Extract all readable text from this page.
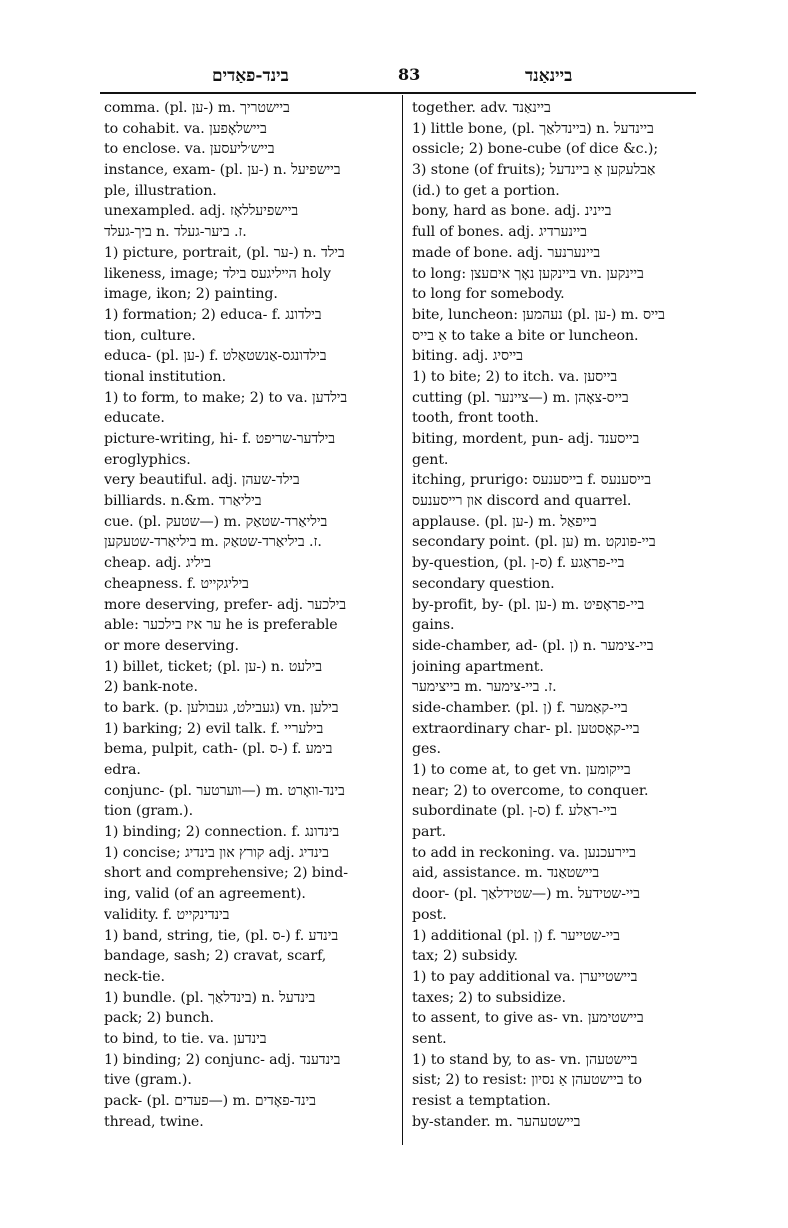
בינד-פאַדים	83	ביינאַנד
comma. (pl. ען-) m. ביישטריך
to cohabit. va. ביישלאָפען
to enclose. va. בייש׳ליעסען
instance, exam- (pl. ען-) n. ביישפיעל
ple, illustration.
unexampled. adj. ביישפיעללאָז
ביך-געלד n. ז. ביער-געלד.
1) picture, portrait, (pl. ער-) n. בילד
likeness, image; הייליגעס בילד holy
image, ikon; 2) painting.
1) formation; 2) educa- f. בילדונג
tion, culture.
educa- (pl. ען-) f. בילדונגס-אַנשטאַלט
tional institution.
1) to form, to make; 2) to va. בילדען
educate.
picture-writing, hi- f. בילדער-שריפט
eroglyphics.
very beautiful. adj. בילד-שעהן
billiards. n.&m. ביליאַרד
cue. (pl. שטעק—) m. ביליאַרד-שטאַק
ביליאַרד-שטעקען m. ז. ביליאַרד-שטאַק.
cheap. adj. ביליג
cheapness. f. ביליגקייט
more deserving, prefer- adj. בילכער
able: ער איז בילכער he is preferable
or more deserving.
1) billet, ticket; (pl. ען-) n. בילעט
2) bank-note.
to bark. (p. געבילט, געבולען) vn. בילען
1) barking; 2) evil talk. f. בילעריי
bema, pulpit, cath- (pl. ס-) f. בימע
edra.
conjunc- (pl. ווערטער—) m. בינד-וואָרט
tion (gram.).
1) binding; 2) connection. f. בינדונג
1) concise; קורץ און בינדיג adj. בינדיג
short and comprehensive; 2) bind-
ing, valid (of an agreement).
validity. f. בינדינקייט
1) band, string, tie, (pl. ס-) f. בינדע
bandage, sash; 2) cravat, scarf,
neck-tie.
1) bundle. (pl. בינדלאַך) n. בינדעל
pack; 2) bunch.
to bind, to tie. va. בינדען
1) binding; 2) conjunc- adj. בינדענד
tive (gram.).
pack- (pl. פעדים—) m. בינד-פאָדים
thread, twine.
together. adv. ביינאַנד
1) little bone, (pl. ביינדלאַך) n. ביינדעל
ossicle; 2) bone-cube (of dice &c.);
3) stone (of fruits); אַבלעקען אַ ביינדעל
(id.) to get a portion.
bony, hard as bone. adj. ביינינ
full of bones. adj. ביינערדיג
made of bone. adj. ביינערנער
to long: ביינקען נאָך איםעצן vn. ביינקען
to long for somebody.
bite, luncheon: נעהמען (pl. ען-) m. בייס
אַ בייס to take a bite or luncheon.
biting. adj. בייסיג
1) to bite; 2) to itch. va. בייסען
cutting (pl. ציינער—) m. בייס-צאָהן
tooth, front tooth.
biting, mordent, pun- adj. בייסענד
gent.
itching, prurigo: בייסענעס f. בייסענעס
און רייסענעס discord and quarrel.
applause. (pl. ען-) m. בייפאַל
secondary point. (pl. ען) m. ביי-פונקט
by-question, (pl. ס-ן) f. ביי-פראַגע
secondary question.
by-profit, by- (pl. ען-) m. ביי-פראָפיט
gains.
side-chamber, ad- (pl. ן) n. ביי-צימער
joining apartment.
בייצימער m. ז. ביי-צימער.
side-chamber. (pl. ן) f. ביי-קאַמער
extraordinary char- pl. ביי-קאָסטען
ges.
1) to come at, to get vn. בייקומען
near; 2) to overcome, to conquer.
subordinate (pl. ס-ן) f. ביי-ראַלע
part.
to add in reckoning. va. ביירעכנען
aid, assistance. m. ביישטאַנד
door- (pl. שטידלאַך—) m. ביי-שטידעל
post.
1) additional (pl. ן) f. ביי-שטייער
tax; 2) subsidy.
1) to pay additional va. ביישטייערן
taxes; 2) to subsidize.
to assent, to give as- vn. ביישטימען
sent.
1) to stand by, to as- vn. ביישטעהן
sist; 2) to resist: ביישטעהן אַ נסיון to
resist a temptation.
by-stander. m. ביישטעהער
